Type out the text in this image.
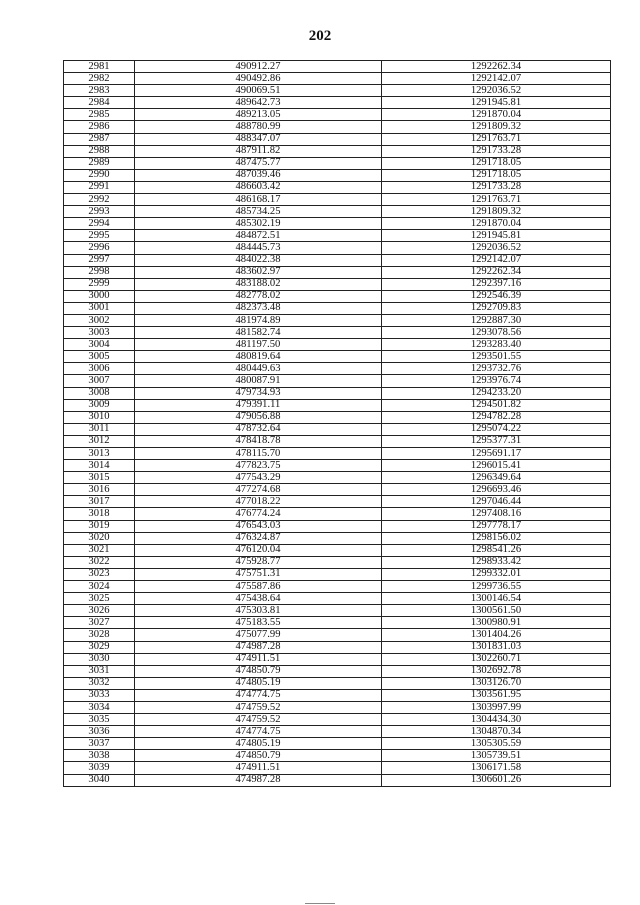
202
2981	490912.27	1292262.34
2982	490492.86	1292142.07
2983	490069.51	1292036.52
2984	489642.73	1291945.81
2985	489213.05	1291870.04
2986	488780.99	1291809.32
2987	488347.07	1291763.71
2988	487911.82	1291733.28
2989	487475.77	1291718.05
2990	487039.46	1291718.05
2991	486603.42	1291733.28
2992	486168.17	1291763.71
2993	485734.25	1291809.32
2994	485302.19	1291870.04
2995	484872.51	1291945.81
2996	484445.73	1292036.52
2997	484022.38	1292142.07
2998	483602.97	1292262.34
2999	483188.02	1292397.16
3000	482778.02	1292546.39
3001	482373.48	1292709.83
3002	481974.89	1292887.30
3003	481582.74	1293078.56
3004	481197.50	1293283.40
3005	480819.64	1293501.55
3006	480449.63	1293732.76
3007	480087.91	1293976.74
3008	479734.93	1294233.20
3009	479391.11	1294501.82
3010	479056.88	1294782.28
3011	478732.64	1295074.22
3012	478418.78	1295377.31
3013	478115.70	1295691.17
3014	477823.75	1296015.41
3015	477543.29	1296349.64
3016	477274.68	1296693.46
3017	477018.22	1297046.44
3018	476774.24	1297408.16
3019	476543.03	1297778.17
3020	476324.87	1298156.02
3021	476120.04	1298541.26
3022	475928.77	1298933.42
3023	475751.31	1299332.01
3024	475587.86	1299736.55
3025	475438.64	1300146.54
3026	475303.81	1300561.50
3027	475183.55	1300980.91
3028	475077.99	1301404.26
3029	474987.28	1301831.03
3030	474911.51	1302260.71
3031	474850.79	1302692.78
3032	474805.19	1303126.70
3033	474774.75	1303561.95
3034	474759.52	1303997.99
3035	474759.52	1304434.30
3036	474774.75	1304870.34
3037	474805.19	1305305.59
3038	474850.79	1305739.51
3039	474911.51	1306171.58
3040	474987.28	1306601.26
